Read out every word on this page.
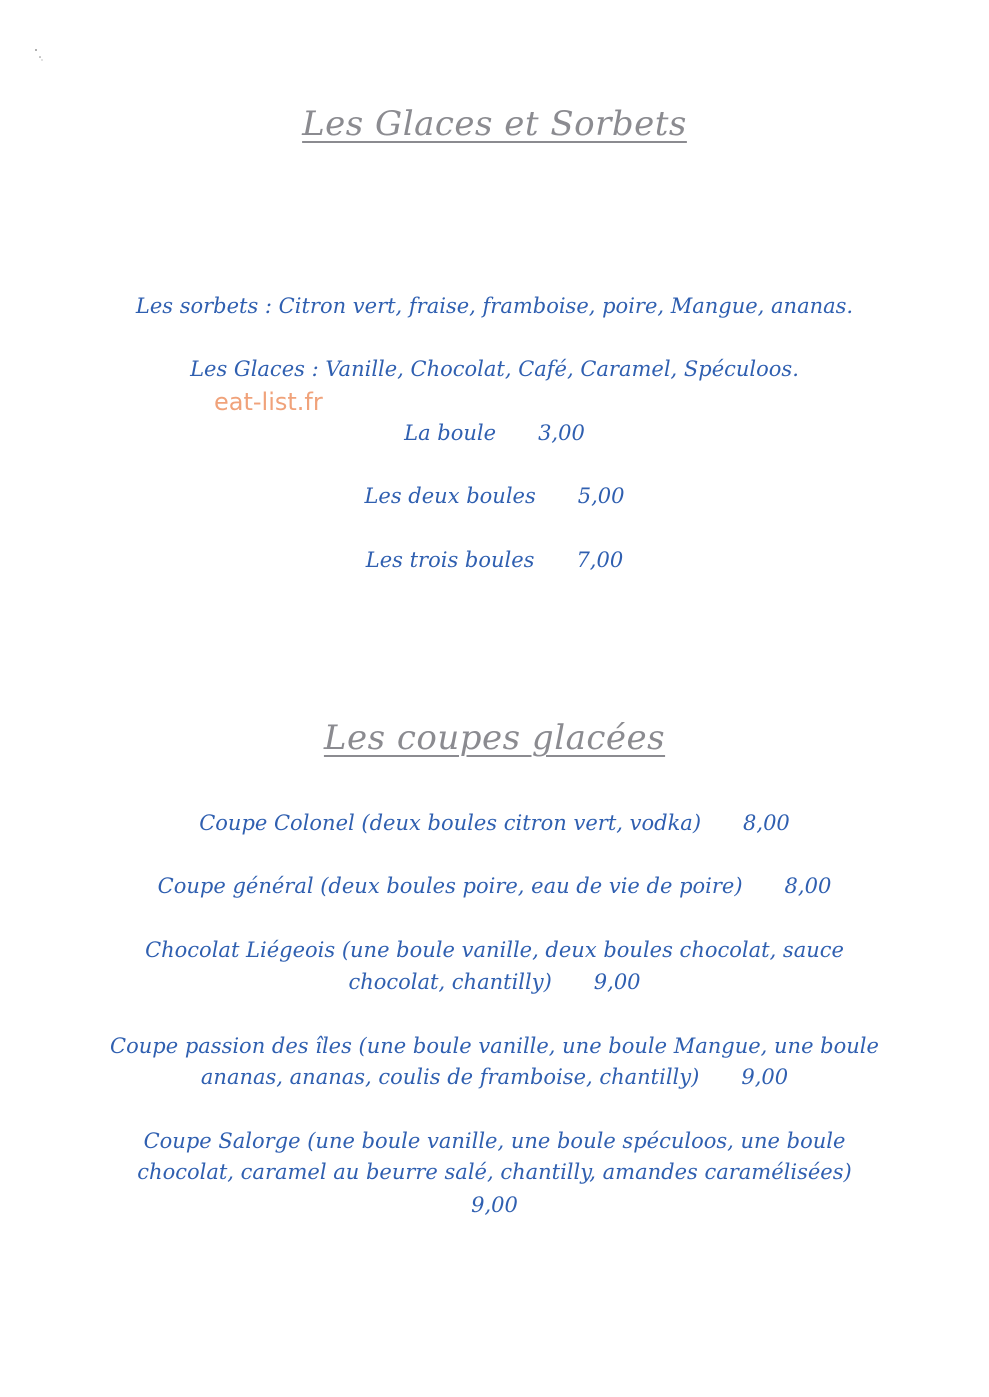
Les Glaces et Sorbets
Les sorbets : Citron vert, fraise, framboise, poire, Mangue, ananas.
Les Glaces : Vanille, Chocolat, Café, Caramel, Spéculoos.
eat-list.fr
La boule 3,00
Les deux boules 5,00
Les trois boules 7,00
Les coupes glacées
Coupe Colonel (deux boules citron vert, vodka) 8,00
Coupe général (deux boules poire, eau de vie de poire) 8,00
Chocolat Liégeois (une boule vanille, deux boules chocolat, sauce
chocolat, chantilly) 9,00
Coupe passion des îles (une boule vanille, une boule Mangue, une boule
ananas, ananas, coulis de framboise, chantilly) 9,00
Coupe Salorge (une boule vanille, une boule spéculoos, une boule
chocolat, caramel au beurre salé, chantilly, amandes caramélisées)
9,00
